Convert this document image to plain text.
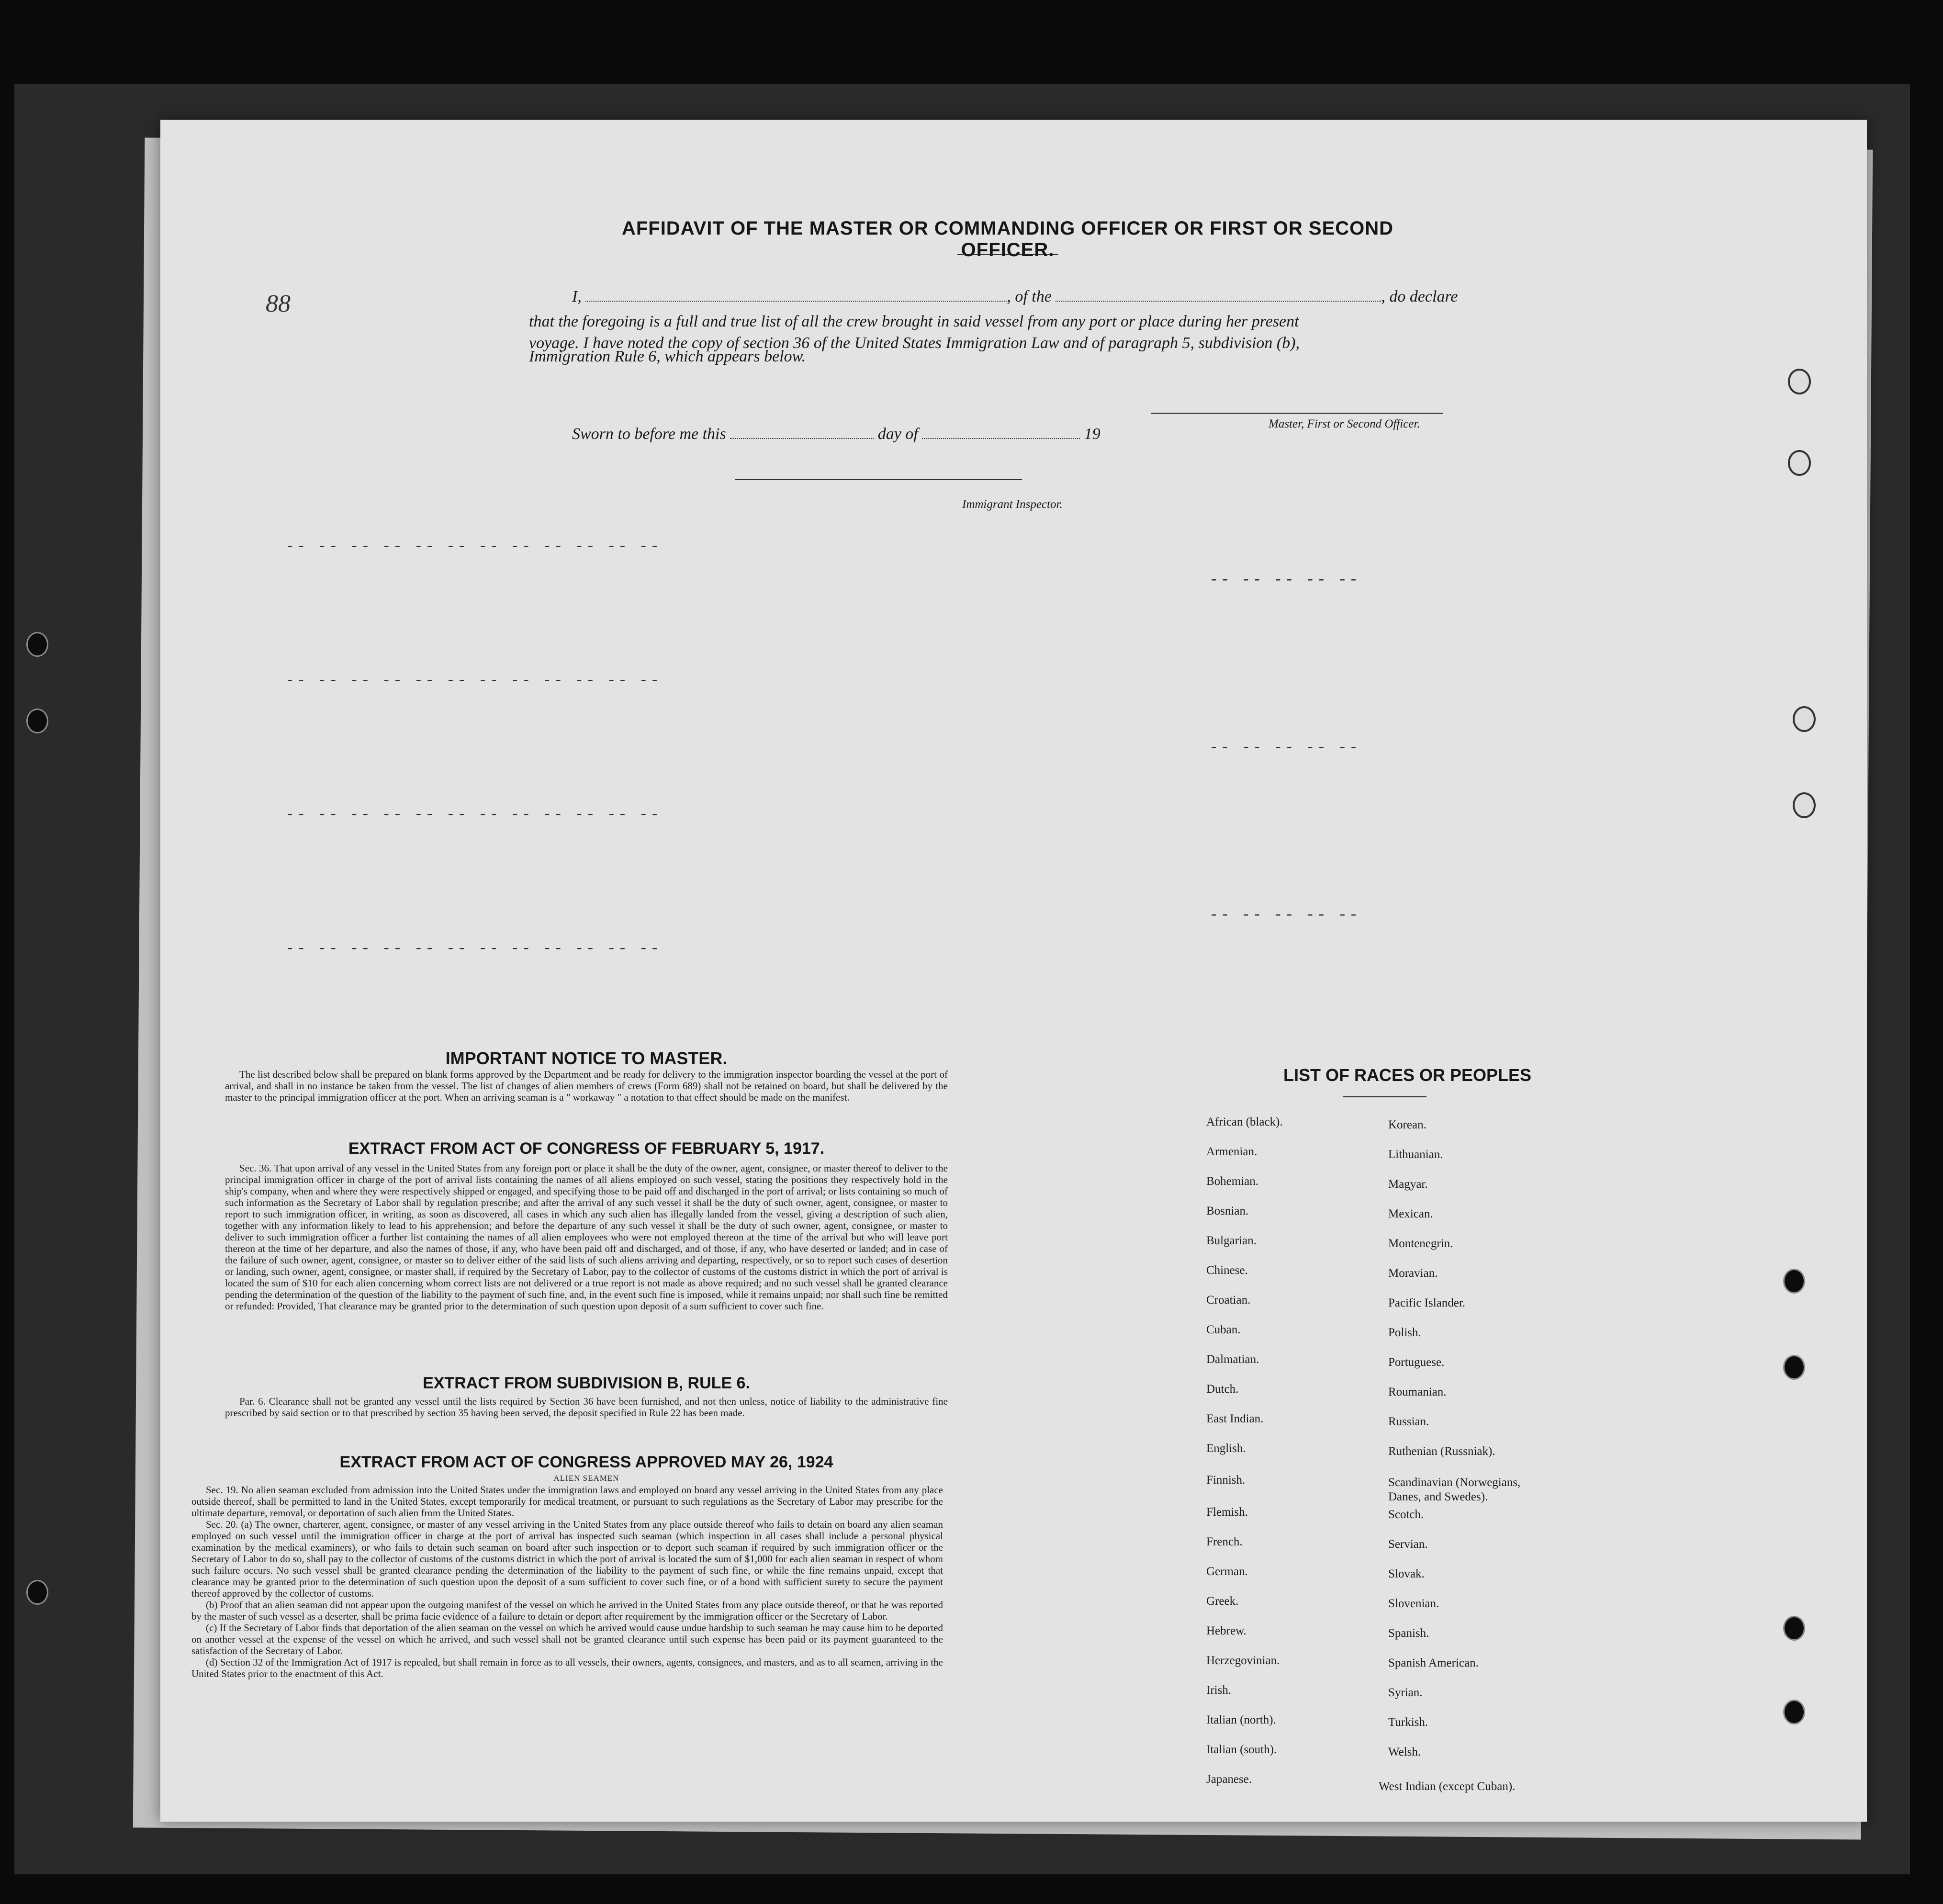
88
AFFIDAVIT OF THE MASTER OR COMMANDING OFFICER OR FIRST OR SECOND OFFICER.
I,	, of the	, do declare
that the foregoing is a full and true list of all the crew brought in said vessel from any port or place during her present
voyage. I have noted the copy of section 36 of the United States Immigration Law and of paragraph 5, subdivision (b),
Immigration Rule 6, which appears below.
Master, First or Second Officer.
Sworn to before me this	day of	19
Immigrant Inspector.
-- -- -- -- -- -- -- -- -- -- -- --
-- -- -- -- -- -- -- -- -- -- -- --
-- -- -- -- -- -- -- -- -- -- -- --
-- -- -- -- -- -- -- -- -- -- -- --
-- -- -- -- --
-- -- -- -- --
-- -- -- -- --
IMPORTANT NOTICE TO MASTER.

The list described below shall be prepared on blank forms approved by the Department and be ready for delivery to the immigration inspector boarding the vessel at the port of arrival, and shall in no instance be taken from the vessel. The list of changes of alien members of crews (Form 689) shall not be retained on board, but shall be delivered by the master to the principal immigration officer at the port. When an arriving seaman is a " workaway " a notation to that effect should be made on the manifest.

EXTRACT FROM ACT OF CONGRESS OF FEBRUARY 5, 1917.

Sec. 36. That upon arrival of any vessel in the United States from any foreign port or place it shall be the duty of the owner, agent, consignee, or master thereof to deliver to the principal immigration officer in charge of the port of arrival lists containing the names of all aliens employed on such vessel, stating the positions they respectively hold in the ship's company, when and where they were respectively shipped or engaged, and specifying those to be paid off and discharged in the port of arrival; or lists containing so much of such information as the Secretary of Labor shall by regulation prescribe; and after the arrival of any such vessel it shall be the duty of such owner, agent, consignee, or master to report to such immigration officer, in writing, as soon as discovered, all cases in which any such alien has illegally landed from the vessel, giving a description of such alien, together with any information likely to lead to his apprehension; and before the departure of any such vessel it shall be the duty of such owner, agent, consignee, or master to deliver to such immigration officer a further list containing the names of all alien employees who were not employed thereon at the time of the arrival but who will leave port thereon at the time of her departure, and also the names of those, if any, who have been paid off and discharged, and of those, if any, who have deserted or landed; and in case of the failure of such owner, agent, consignee, or master so to deliver either of the said lists of such aliens arriving and departing, respectively, or so to report such cases of desertion or landing, such owner, agent, consignee, or master shall, if required by the Secretary of Labor, pay to the collector of customs of the customs district in which the port of arrival is located the sum of $10 for each alien concerning whom correct lists are not delivered or a true report is not made as above required; and no such vessel shall be granted clearance pending the determination of the question of the liability to the payment of such fine, and, in the event such fine is imposed, while it remains unpaid; nor shall such fine be remitted or refunded: Provided, That clearance may be granted prior to the determination of such question upon deposit of a sum sufficient to cover such fine.

EXTRACT FROM SUBDIVISION B, RULE 6.

Par. 6. Clearance shall not be granted any vessel until the lists required by Section 36 have been furnished, and not then unless, notice of liability to the administrative fine prescribed by said section or to that prescribed by section 35 having been served, the deposit specified in Rule 22 has been made.

EXTRACT FROM ACT OF CONGRESS APPROVED MAY 26, 1924
ALIEN SEAMEN

Sec. 19. No alien seaman excluded from admission into the United States under the immigration laws and employed on board any vessel arriving in the United States from any place outside thereof, shall be permitted to land in the United States, except temporarily for medical treatment, or pursuant to such regulations as the Secretary of Labor may prescribe for the ultimate departure, removal, or deportation of such alien from the United States.

Sec. 20. (a) The owner, charterer, agent, consignee, or master of any vessel arriving in the United States from any place outside thereof who fails to detain on board any alien seaman employed on such vessel until the immigration officer in charge at the port of arrival has inspected such seaman (which inspection in all cases shall include a personal physical examination by the medical examiners), or who fails to detain such seaman on board after such inspection or to deport such seaman if required by such immigration officer or the Secretary of Labor to do so, shall pay to the collector of customs of the customs district in which the port of arrival is located the sum of $1,000 for each alien seaman in respect of whom such failure occurs. No such vessel shall be granted clearance pending the determination of the liability to the payment of such fine, or while the fine remains unpaid, except that clearance may be granted prior to the determination of such question upon the deposit of a sum sufficient to cover such fine, or of a bond with sufficient surety to secure the payment thereof approved by the collector of customs.

(b) Proof that an alien seaman did not appear upon the outgoing manifest of the vessel on which he arrived in the United States from any place outside thereof, or that he was reported by the master of such vessel as a deserter, shall be prima facie evidence of a failure to detain or deport after requirement by the immigration officer or the Secretary of Labor.

(c) If the Secretary of Labor finds that deportation of the alien seaman on the vessel on which he arrived would cause undue hardship to such seaman he may cause him to be deported on another vessel at the expense of the vessel on which he arrived, and such vessel shall not be granted clearance until such expense has been paid or its payment guaranteed to the satisfaction of the Secretary of Labor.

(d) Section 32 of the Immigration Act of 1917 is repealed, but shall remain in force as to all vessels, their owners, agents, consignees, and masters, and as to all seamen, arriving in the United States prior to the enactment of this Act.

LIST OF RACES OR PEOPLES
African (black).
Armenian.
Bohemian.
Bosnian.
Bulgarian.
Chinese.
Croatian.
Cuban.
Dalmatian.
Dutch.
East Indian.
English.
Finnish.
Flemish.
French.
German.
Greek.
Hebrew.
Herzegovinian.
Irish.
Italian (north).
Italian (south).
Japanese.
Korean.
Lithuanian.
Magyar.
Mexican.
Montenegrin.
Moravian.
Pacific Islander.
Polish.
Portuguese.
Roumanian.
Russian.
Ruthenian (Russniak).
Scandinavian (Norwegians, Danes, and Swedes).
Scotch.
Servian.
Slovak.
Slovenian.
Spanish.
Spanish American.
Syrian.
Turkish.
Welsh.
West Indian (except Cuban).
